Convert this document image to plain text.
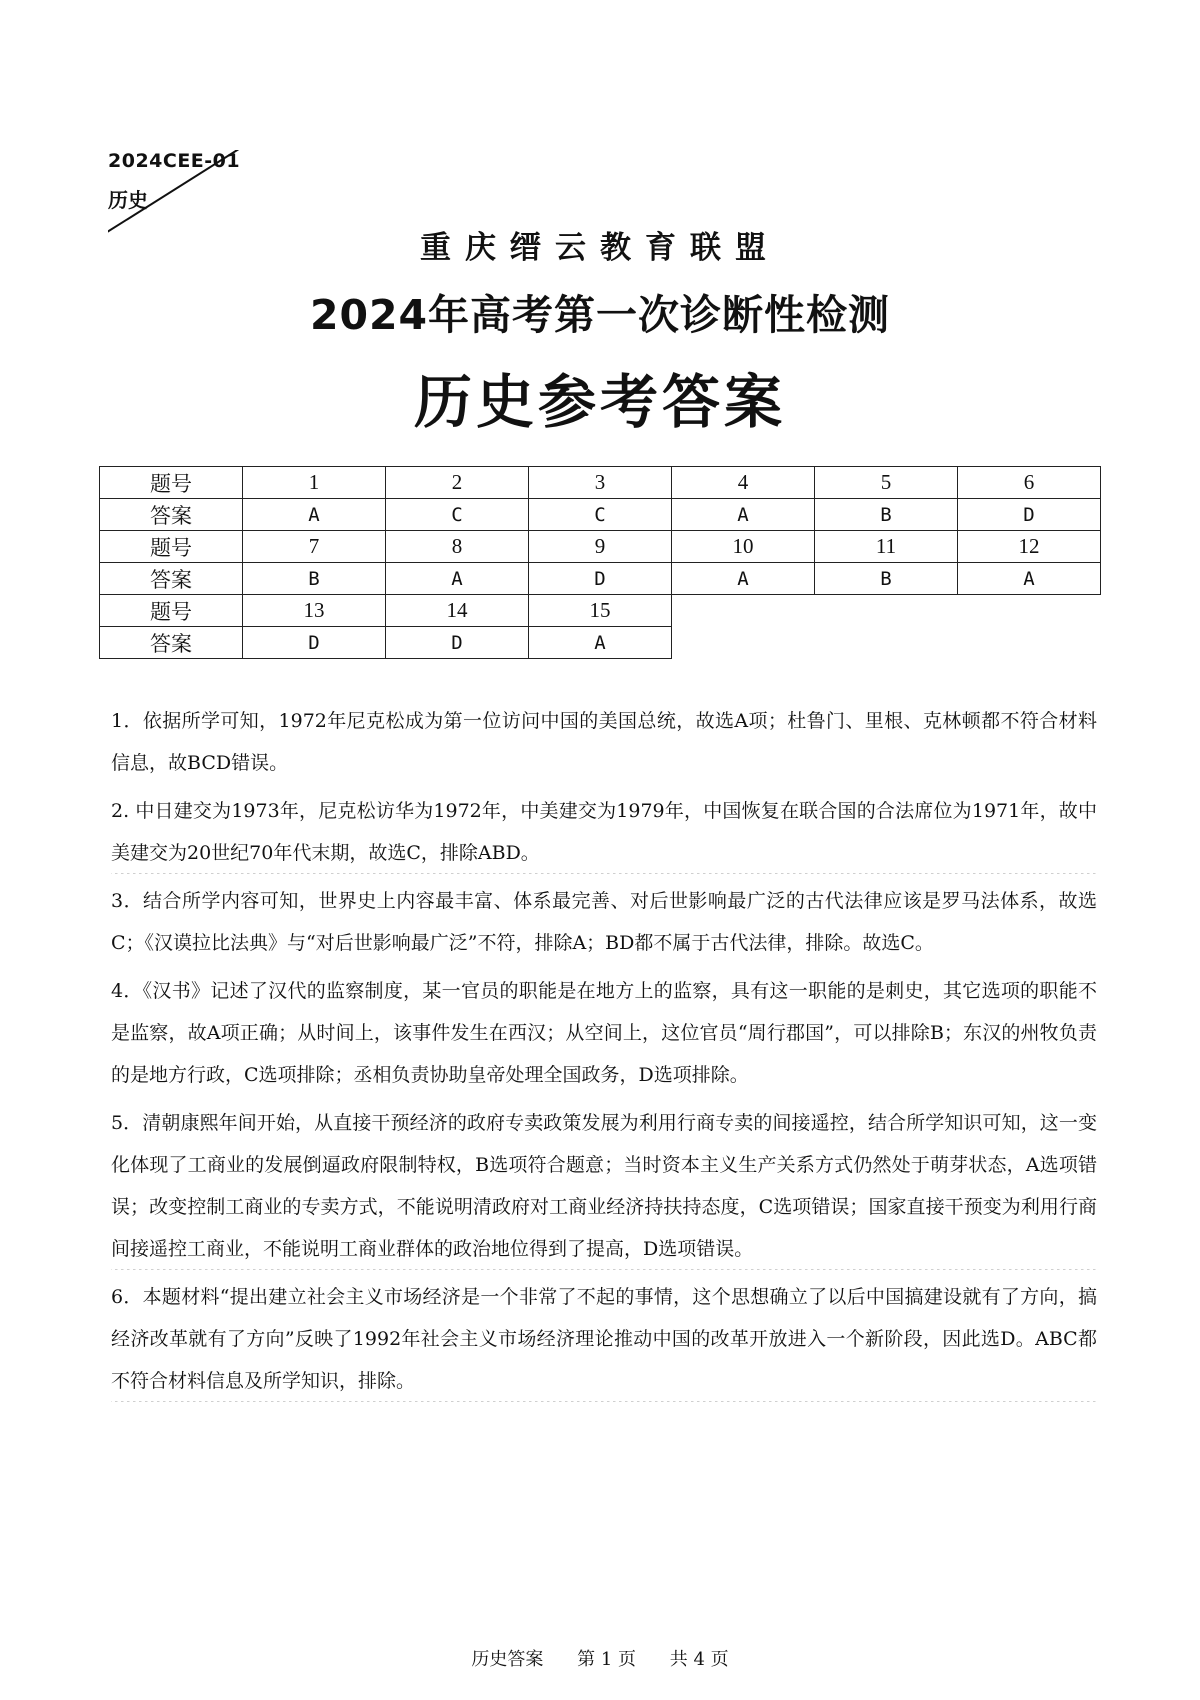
2024CEE-01
历史
重庆缙云教育联盟
2024年高考第一次诊断性检测
历史参考答案
题号	1	2	3	4	5	6
答案	A	C	C	A	B	D
题号	7	8	9	10	11	12
答案	B	A	D	A	B	A
题号	13	14	15			
答案	D	D	A			

1．依据所学可知，1972年尼克松成为第一位访问中国的美国总统，故选A项；杜鲁门、里根、克林顿都不符合材料信息，故BCD错误。

2. 中日建交为1973年，尼克松访华为1972年，中美建交为1979年，中国恢复在联合国的合法席位为1971年，故中美建交为20世纪70年代末期，故选C，排除ABD。

3．结合所学内容可知，世界史上内容最丰富、体系最完善、对后世影响最广泛的古代法律应该是罗马法体系，故选C；《汉谟拉比法典》与“对后世影响最广泛”不符，排除A；BD都不属于古代法律，排除。故选C。

4．《汉书》记述了汉代的监察制度，某一官员的职能是在地方上的监察，具有这一职能的是刺史，其它选项的职能不是监察，故A项正确；从时间上，该事件发生在西汉；从空间上，这位官员“周行郡国”，可以排除B；东汉的州牧负责的是地方行政，C选项排除；丞相负责协助皇帝处理全国政务，D选项排除。

5．清朝康熙年间开始，从直接干预经济的政府专卖政策发展为利用行商专卖的间接遥控，结合所学知识可知，这一变化体现了工商业的发展倒逼政府限制特权，B选项符合题意；当时资本主义生产关系方式仍然处于萌芽状态，A选项错误；改变控制工商业的专卖方式，不能说明清政府对工商业经济持扶持态度，C选项错误；国家直接干预变为利用行商间接遥控工商业，不能说明工商业群体的政治地位得到了提高，D选项错误。

6．本题材料“提出建立社会主义市场经济是一个非常了不起的事情，这个思想确立了以后中国搞建设就有了方向，搞经济改革就有了方向”反映了1992年社会主义市场经济理论推动中国的改革开放进入一个新阶段，因此选D。ABC都不符合材料信息及所学知识，排除。

历史答案 第 1 页 共 4 页
